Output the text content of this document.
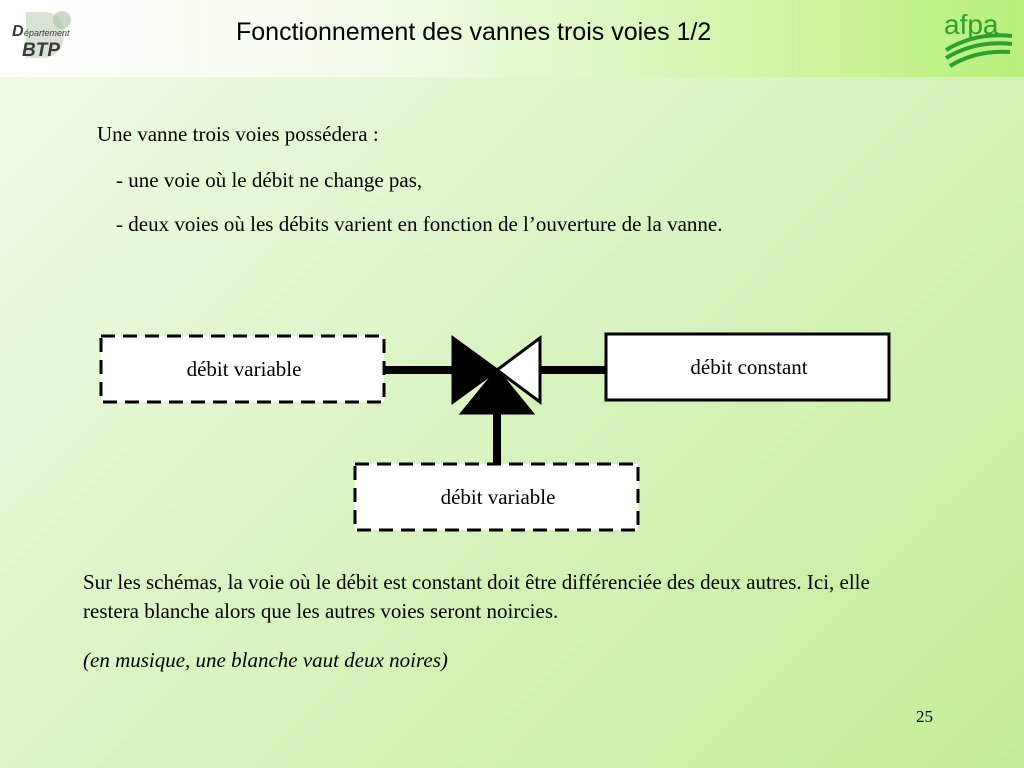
D épartement
BTP
Fonctionnement des vannes trois voies 1/2	afpa
Une vanne trois voies possédera :
- une voie où le débit ne change pas,
- deux voies où les débits varient en fonction de l’ouverture de la vanne.
débit variable	débit constant
débit variable
Sur les schémas, la voie où le débit est constant doit être différenciée des deux autres. Ici, elle restera blanche alors que les autres voies seront noircies.
(en musique, une blanche vaut deux noires)
25
